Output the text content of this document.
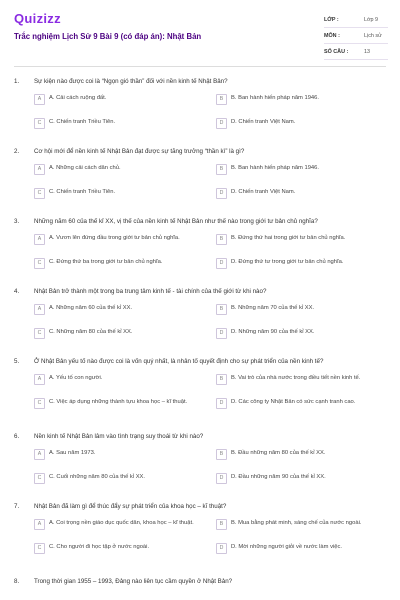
Quizizz
Trắc nghiệm Lịch Sử 9 Bài 9 (có đáp án): Nhật Bản
LỚP :	Lớp 9
MÔN :	Lịch sử
SỐ CÂU :	13
1. Sự kiện nào được coi là “Ngọn gió thần” đối với nền kinh tế Nhật Bản?
A	A. Cải cách ruộng đất.	B	B. Ban hành hiến pháp năm 1946.
C	C. Chiến tranh Triều Tiên.	D	D. Chiến tranh Việt Nam.
2. Cơ hội mới để nền kinh tế Nhật Bản đạt được sự tăng trưởng “thần kì” là gì?
A	A. Những cải cách dân chủ.	B	B. Ban hành hiến pháp năm 1946.
C	C. Chiến tranh Triều Tiên.	D	D. Chiến tranh Việt Nam.
3. Những năm 60 của thế kỉ XX, vị thế của nền kinh tế Nhật Bản như thế nào trong giới tư bản chủ nghĩa?
A	A. Vươn lên đứng đầu trong giới tư bản chủ nghĩa.	B	B. Đứng thứ hai trong giới tư bản chủ nghĩa.
C	C. Đứng thứ ba trong giới tư bản chủ nghĩa.	D	D. Đứng thứ tư trong giới tư bản chủ nghĩa.
4. Nhật Bản trở thành một trong ba trung tâm kinh tế - tài chính của thế giới từ khi nào?
A	A. Những năm 60 của thế kỉ XX.	B	B. Những năm 70 của thế kỉ XX.
C	C. Những năm 80 của thế kỉ XX.	D	D. Những năm 90 của thế kỉ XX.
5. Ở Nhật Bản yếu tố nào được coi là vốn quý nhất, là nhân tố quyết định cho sự phát triển của nền kinh tế?
A	A. Yếu tố con người.	B	B. Vai trò của nhà nước trong điều tiết nền kinh tế.
C	C. Việc áp dụng những thành tựu khoa học – kĩ thuật.	D	D. Các công ty Nhật Bản có sức cạnh tranh cao.
6. Nền kinh tế Nhật Bản lâm vào tình trạng suy thoái từ khi nào?
A	A. Sau năm 1973.	B	B. Đầu những năm 80 của thế kỉ XX.
C	C. Cuối những năm 80 của thế kỉ XX.	D	D. Đầu những năm 90 của thế kỉ XX.
7. Nhật Bản đã làm gì để thúc đẩy sự phát triển của khoa học – kĩ thuật?
A	A. Coi trọng nền giáo dục quốc dân, khoa học – kĩ thuật.	B	B. Mua bằng phát minh, sáng chế của nước ngoài.
C	C. Cho người đi học tập ở nước ngoài.	D	D. Mời những người giỏi về nước làm việc.
8. Trong thời gian 1955 – 1993, Đảng nào liên tục cầm quyền ở Nhật Bản?
